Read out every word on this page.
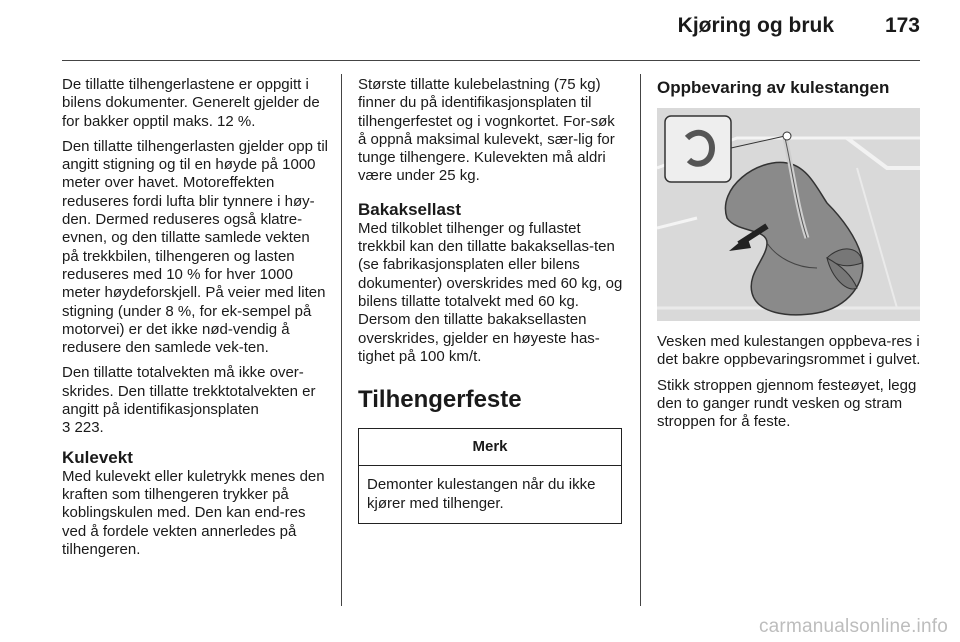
Kjøring og bruk 173

De tillatte tilhengerlastene er oppgitt i bilens dokumenter. Generelt gjelder de for bakker opptil maks. 12 %.

Den tillatte tilhengerlasten gjelder opp til angitt stigning og til en høyde på 1000 meter over havet. Motoreffekten reduseres fordi lufta blir tynnere i høy-den. Dermed reduseres også klatre-evnen, og den tillatte samlede vekten på trekkbilen, tilhengeren og lasten reduseres med 10 % for hver 1000 meter høydeforskjell. På veier med liten stigning (under 8 %, for ek-sempel på motorvei) er det ikke nød-vendig å redusere den samlede vek-ten.

Den tillatte totalvekten må ikke over-skrides. Den tillatte trekktotalvekten er angitt på identifikasjonsplaten
3 223.

Kulevekt

Med kulevekt eller kuletrykk menes den kraften som tilhengeren trykker på koblingskulen med. Den kan end-res ved å fordele vekten annerledes på tilhengeren.

Største tillatte kulebelastning (75 kg) finner du på identifikasjonsplaten til tilhengerfestet og i vognkortet. For-søk å oppnå maksimal kulevekt, sær-lig for tunge tilhengere. Kulevekten må aldri være under 25 kg.

Bakaksellast

Med tilkoblet tilhenger og fullastet trekkbil kan den tillatte bakaksellas-ten (se fabrikasjonsplaten eller bilens dokumenter) overskrides med 60 kg, og bilens tillatte totalvekt med 60 kg. Dersom den tillatte bakaksellasten overskrides, gjelder en høyeste has-tighet på 100 km/t.

Tilhengerfeste
Merk
Demonter kulestangen når du ikke kjører med tilhenger.
Oppbevaring av kulestangen

Vesken med kulestangen oppbeva-res i det bakre oppbevaringsrommet i gulvet.

Stikk stroppen gjennom festeøyet, legg den to ganger rundt vesken og stram stroppen for å feste.

carmanualsonline.info
